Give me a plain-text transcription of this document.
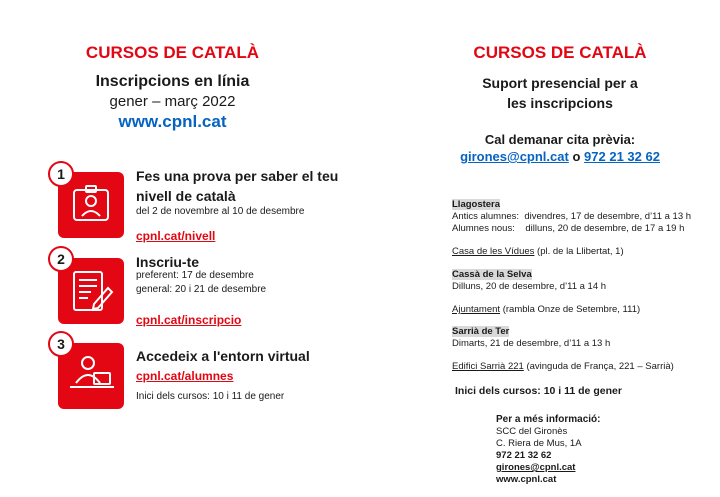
CURSOS DE CATALÀ
Inscripcions en línia
gener – març 2022
www.cpnl.cat
1	Fes una prova per saber el teu
nivell de català
del 2 de novembre al 10 de desembre
cpnl.cat/nivell
2	Inscriu-te
preferent: 17 de desembre
general: 20 i 21 de desembre
cpnl.cat/inscripcio
3
Accedeix a l'entorn virtual
cpnl.cat/alumnes
Inici dels cursos: 10 i 11 de gener
CURSOS DE CATALÀ
Suport presencial per a
les inscripcions
Cal demanar cita prèvia:
girones@cpnl.cat o 972 21 32 62
Llagostera
Antics alumnes:  divendres, 17 de desembre, d’11 a 13 h
Alumnes nous:    dilluns, 20 de desembre, de 17 a 19 h
Casa de les Vídues (pl. de la Llibertat, 1)
Cassà de la Selva
Dilluns, 20 de desembre, d’11 a 14 h
Ajuntament (rambla Onze de Setembre, 111)
Sarrià de Ter
Dimarts, 21 de desembre, d’11 a 13 h
Edifici Sarrià 221 (avinguda de França, 221 – Sarrià)
Inici dels cursos: 10 i 11 de gener
Per a més informació:
SCC del Gironès
C. Riera de Mus, 1A
972 21 32 62
girones@cpnl.cat
www.cpnl.cat
